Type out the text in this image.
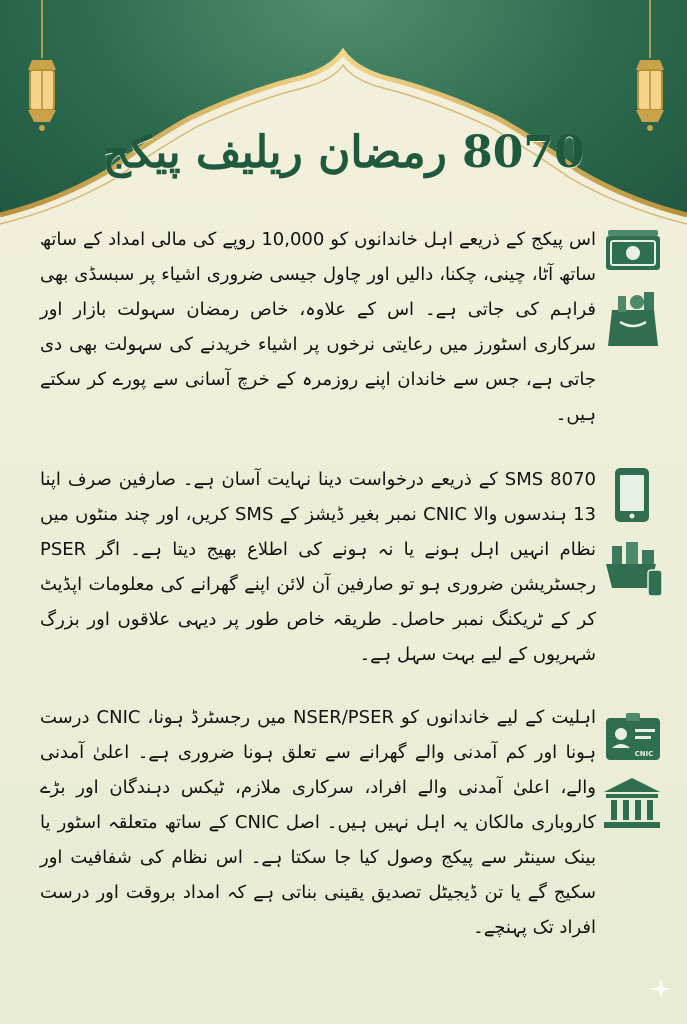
8070 رمضان ریلیف پیکج
CNIC
اس پیکج کے ذریعے اہل خاندانوں کو 10,000 روپے کی مالی امداد کے ساتھ ساتھ آٹا، چینی، چکنا، دالیں اور چاول جیسی ضروری اشیاء پر سبسڈی بھی فراہم کی جاتی ہے۔ اس کے علاوہ، خاص رمضان سہولت بازار اور سرکاری اسٹورز میں رعایتی نرخوں پر اشیاء خریدنے کی سہولت بھی دی جاتی ہے، جس سے خاندان اپنے روزمرہ کے خرچ آسانی سے پورے کر سکتے ہیں۔
8070 SMS کے ذریعے درخواست دینا نہایت آسان ہے۔ صارفین صرف اپنا 13 ہندسوں والا CNIC نمبر بغیر ڈیشز کے SMS کریں، اور چند منٹوں میں نظام انہیں اہل ہونے یا نہ ہونے کی اطلاع بھیج دیتا ہے۔ اگر PSER رجسٹریشن ضروری ہو تو صارفین آن لائن اپنے گھرانے کی معلومات اپڈیٹ کر کے ٹریکنگ نمبر حاصل۔ طریقہ خاص طور پر دیہی علاقوں اور بزرگ شہریوں کے لیے بہت سہل ہے۔
اہلیت کے لیے خاندانوں کو NSER/PSER میں رجسٹرڈ ہونا، CNIC درست ہونا اور کم آمدنی والے گھرانے سے تعلق ہونا ضروری ہے۔ اعلیٰ آمدنی والے، اعلیٰ آمدنی والے افراد، سرکاری ملازم، ٹیکس دہندگان اور بڑے کاروباری مالکان یہ اہل نہیں ہیں۔ اصل CNIC کے ساتھ متعلقہ اسٹور یا بینک سینٹر سے پیکج وصول کیا جا سکتا ہے۔ اس نظام کی شفافیت اور سکیج گے یا تن ڈیجیٹل تصدیق یقینی بناتی ہے کہ امداد بروقت اور درست افراد تک پہنچے۔
